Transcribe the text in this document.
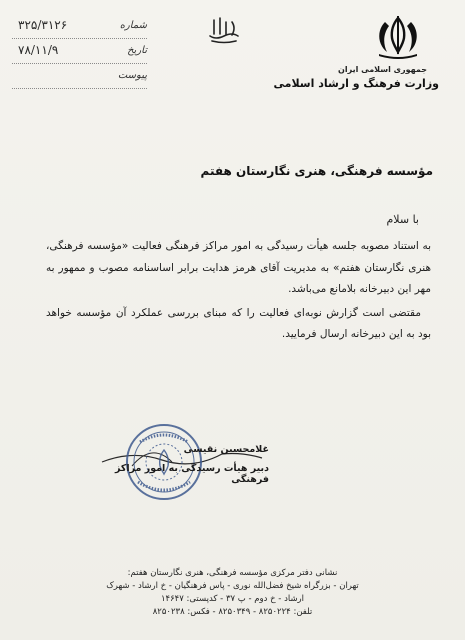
جمهوری اسلامی ایران
وزارت فرهنگ و ارشاد اسلامی
شماره
۳۲۵/۳۱۲۶
تاریخ
۷۸/۱۱/۹
پیوست
مؤسسه فرهنگی، هنری نگارستان هفتم
با سلام

به استناد مصوبه جلسه هیأت رسیدگی به امور مراکز فرهنگی فعالیت «مؤسسه فرهنگی، هنری نگارستان هفتم» به مدیریت آقای هرمز هدایت برابر اساسنامه مصوب و ممهور به مهر این دبیرخانه بلامانع می‌باشد.

مقتضی است گزارش نوبه‌ای فعالیت را که مبنای بررسی عملکرد آن مؤسسه خواهد بود به این دبیرخانه ارسال فرمایید.

غلامحسین نقیسی
دبیر هیأت رسیدگی به امور مراکز فرهنگی
نشانی دفتر مرکزی مؤسسه فرهنگی، هنری نگارستان هفتم:
تهران - بزرگراه شیخ فضل‌الله نوری - پاس فرهنگیان - خ ارشاد - شهرک
ارشاد - خ دوم - پ ۳۷ - کدپستی: ۱۴۶۴۷
تلفن: ۸۲۵۰۲۲۴ - ۸۲۵۰۳۴۹ - فکس: ۸۲۵۰۲۳۸
